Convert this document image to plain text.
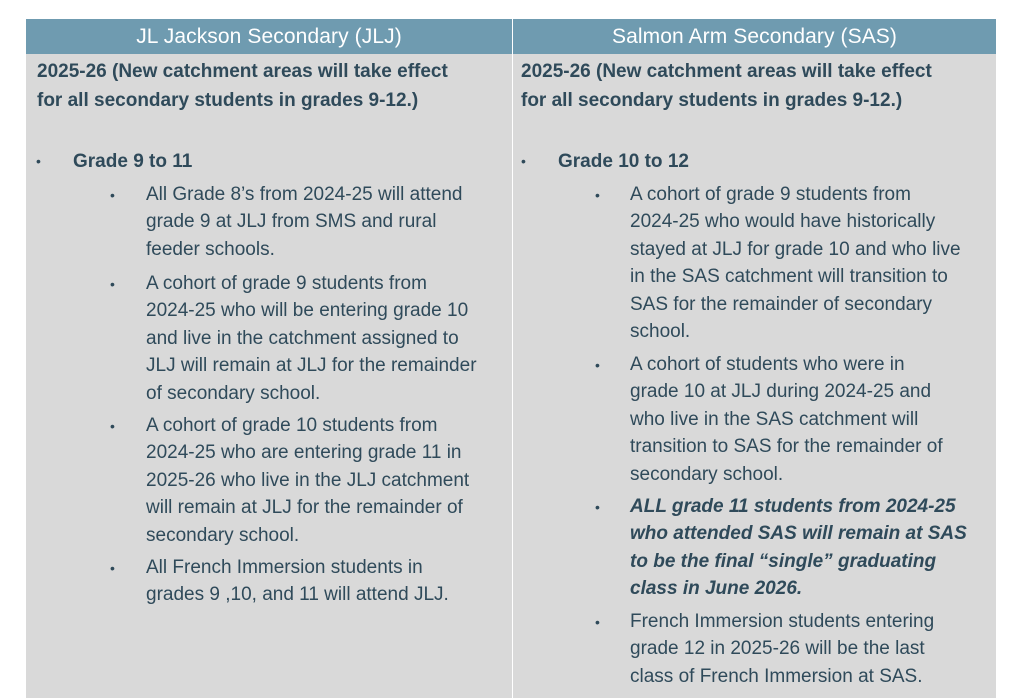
JL Jackson Secondary (JLJ)	Salmon Arm Secondary (SAS)
2025-26 (New catchment areas will take effect
for all secondary students in grades 9-12.)
• Grade 9 to 11
• All Grade 8’s from 2024-25 will attend
grade 9 at JLJ from SMS and rural
feeder schools.
• A cohort of grade 9 students from
2024-25 who will be entering grade 10
and live in the catchment assigned to
JLJ will remain at JLJ for the remainder
of secondary school.
• A cohort of grade 10 students from
2024-25 who are entering grade 11 in
2025-26 who live in the JLJ catchment
will remain at JLJ for the remainder of
secondary school.
• All French Immersion students in
grades 9 ,10, and 11 will attend JLJ.
2025-26 (New catchment areas will take effect
for all secondary students in grades 9-12.)
• Grade 10 to 12
• A cohort of grade 9 students from
2024-25 who would have historically
stayed at JLJ for grade 10 and who live
in the SAS catchment will transition to
SAS for the remainder of secondary
school.
• A cohort of students who were in
grade 10 at JLJ during 2024-25 and
who live in the SAS catchment will
transition to SAS for the remainder of
secondary school.
• ALL grade 11 students from 2024-25
who attended SAS will remain at SAS
to be the final “single” graduating
class in June 2026.
• French Immersion students entering
grade 12 in 2025-26 will be the last
class of French Immersion at SAS.
